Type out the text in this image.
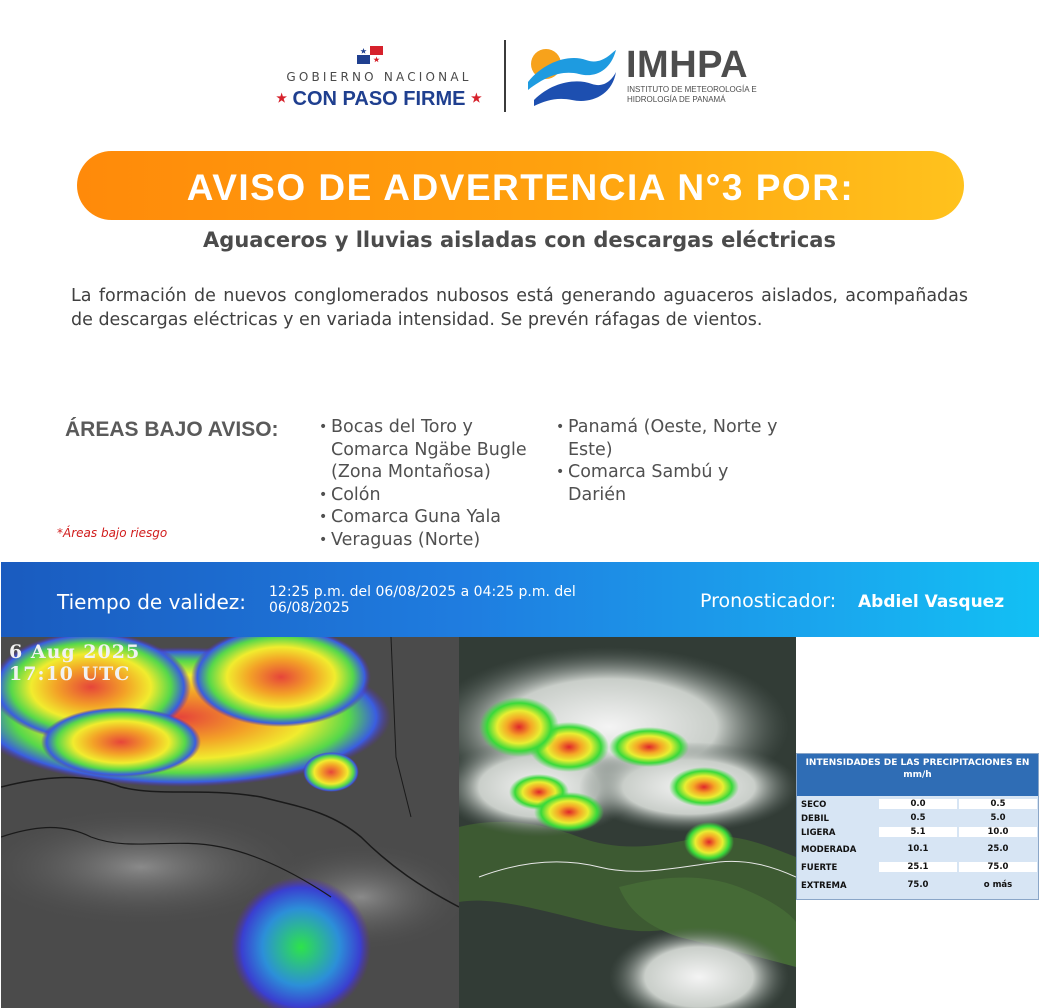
GOBIERNO NACIONAL
★ CON PASO FIRME ★
IMHPA
INSTITUTO DE METEOROLOGÍA E HIDROLOGÍA DE PANAMÁ
AVISO DE ADVERTENCIA N°3 POR:
Aguaceros y lluvias aisladas con descargas eléctricas

La formación de nuevos conglomerados nubosos está generando aguaceros aislados, acompañadas de descargas eléctricas y en variada intensidad. Se prevén ráfagas de vientos.

ÁREAS BAJO AVISO:
•	Bocas del Toro y Comarca Ngäbe Bugle (Zona Montañosa)
• Colón
• Comarca Guna Yala
• Veraguas (Norte)
• Panamá (Oeste, Norte y Este)
• Comarca Sambú y Darién
*Áreas bajo riesgo
Tiempo de validez: 12:25 p.m. del 06/08/2025 a 04:25 p.m. del 06/08/2025	Pronosticador: Abdiel Vasquez
6 Aug 2025
17:10 UTC
INTENSIDADES DE LAS PRECIPITACIONES EN mm/h
SECO	0.0	0.5
DEBIL	0.5	5.0
LIGERA	5.1	10.0
MODERADA	10.1	25.0
FUERTE	25.1	75.0
EXTREMA	75.0	o más
